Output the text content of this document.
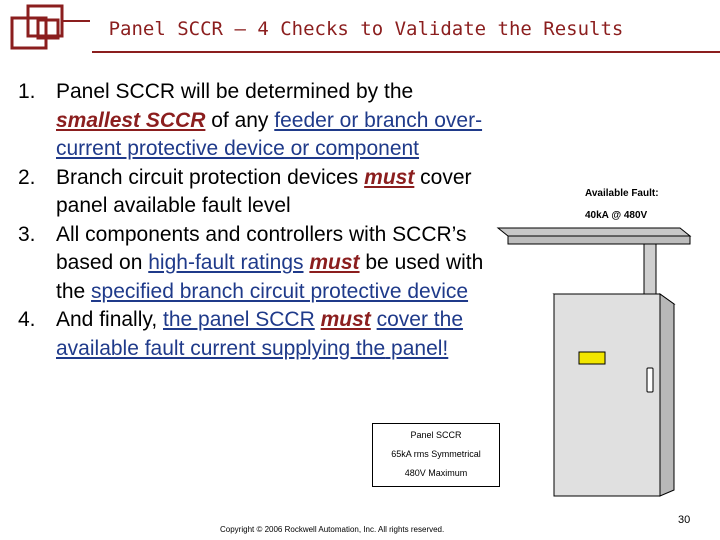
Panel SCCR – 4 Checks to Validate the Results
1. Panel SCCR will be determined by the smallest SCCR of any feeder or branch over-current protective device or component
2. Branch circuit protection devices must cover panel available fault level
3. All components and controllers with SCCR’s based on high-fault ratings must be used with the specified branch circuit protective device
4. And finally, the panel SCCR must cover the available fault current supplying the panel!
Available Fault:
40kA @ 480V
Panel SCCR
65kA rms Symmetrical
480V Maximum
Copyright © 2006 Rockwell Automation, Inc. All rights reserved.
30
